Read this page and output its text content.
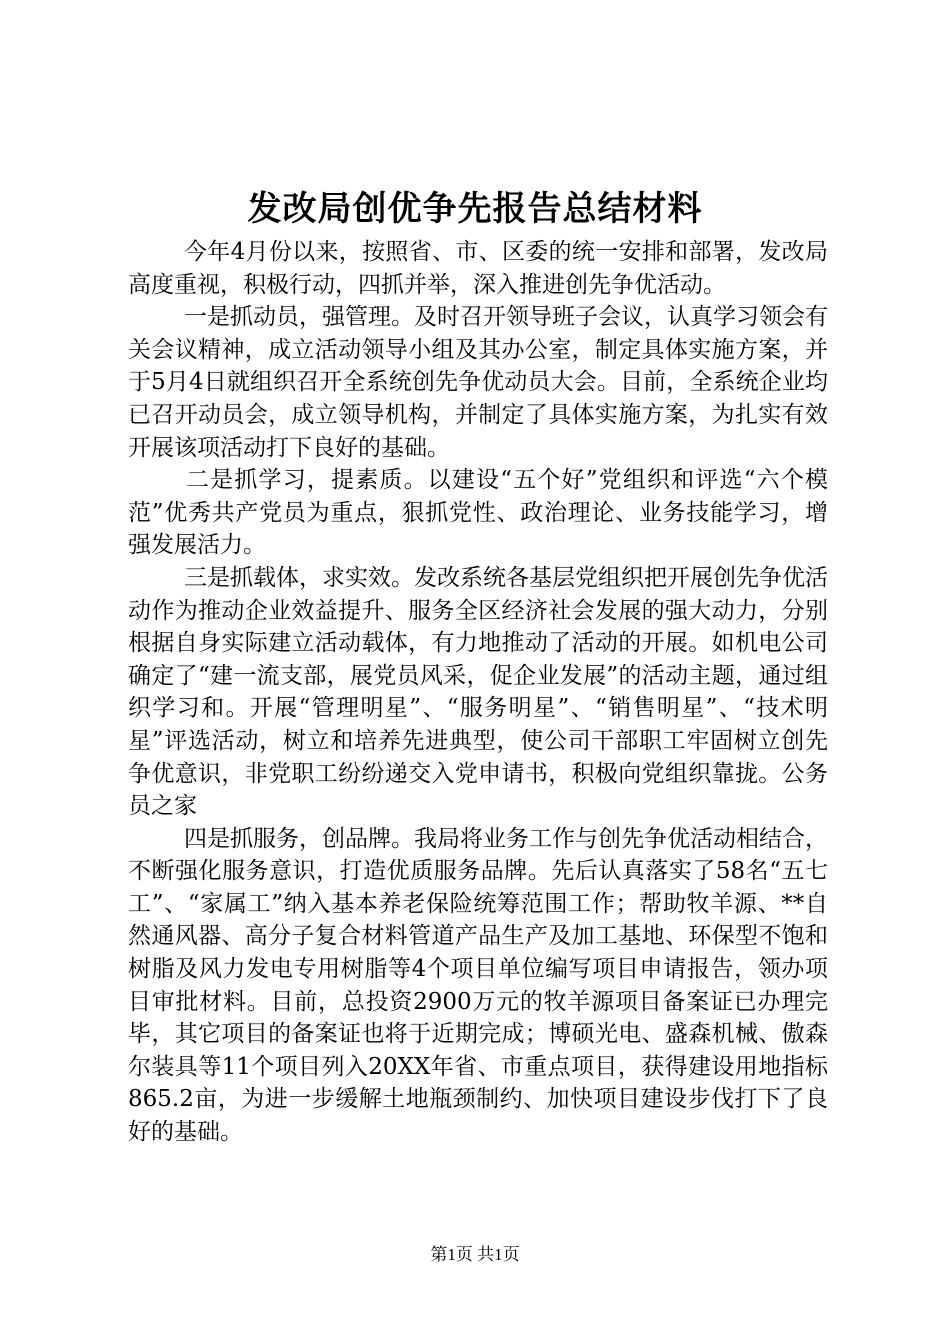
发改局创优争先报告总结材料

今年4月份以来，按照省、市、区委的统一安排和部署，发改局高度重视，积极行动，四抓并举，深入推进创先争优活动。

一是抓动员，强管理。及时召开领导班子会议，认真学习领会有关会议精神，成立活动领导小组及其办公室，制定具体实施方案，并于5月4日就组织召开全系统创先争优动员大会。目前，全系统企业均已召开动员会，成立领导机构，并制定了具体实施方案，为扎实有效开展该项活动打下良好的基础。

二是抓学习，提素质。以建设“五个好”党组织和评选“六个模范”优秀共产党员为重点，狠抓党性、政治理论、业务技能学习，增强发展活力。

三是抓载体，求实效。发改系统各基层党组织把开展创先争优活动作为推动企业效益提升、服务全区经济社会发展的强大动力，分别根据自身实际建立活动载体，有力地推动了活动的开展。如机电公司确定了“建一流支部，展党员风采，促企业发展”的活动主题，通过组织学习和。开展“管理明星”、“服务明星”、“销售明星”、“技术明星”评选活动，树立和培养先进典型，使公司干部职工牢固树立创先争优意识，非党职工纷纷递交入党申请书，积极向党组织靠拢。公务员之家

四是抓服务，创品牌。我局将业务工作与创先争优活动相结合，不断强化服务意识，打造优质服务品牌。先后认真落实了58名“五七工”、“家属工”纳入基本养老保险统筹范围工作；帮助牧羊源、**自然通风器、高分子复合材料管道产品生产及加工基地、环保型不饱和树脂及风力发电专用树脂等4个项目单位编写项目申请报告，领办项目审批材料。目前，总投资2900万元的牧羊源项目备案证已办理完毕，其它项目的备案证也将于近期完成；博硕光电、盛森机械、傲森尔装具等11个项目列入20XX年省、市重点项目，获得建设用地指标865.2亩，为进一步缓解土地瓶颈制约、加快项目建设步伐打下了良好的基础。

第1页 共1页
